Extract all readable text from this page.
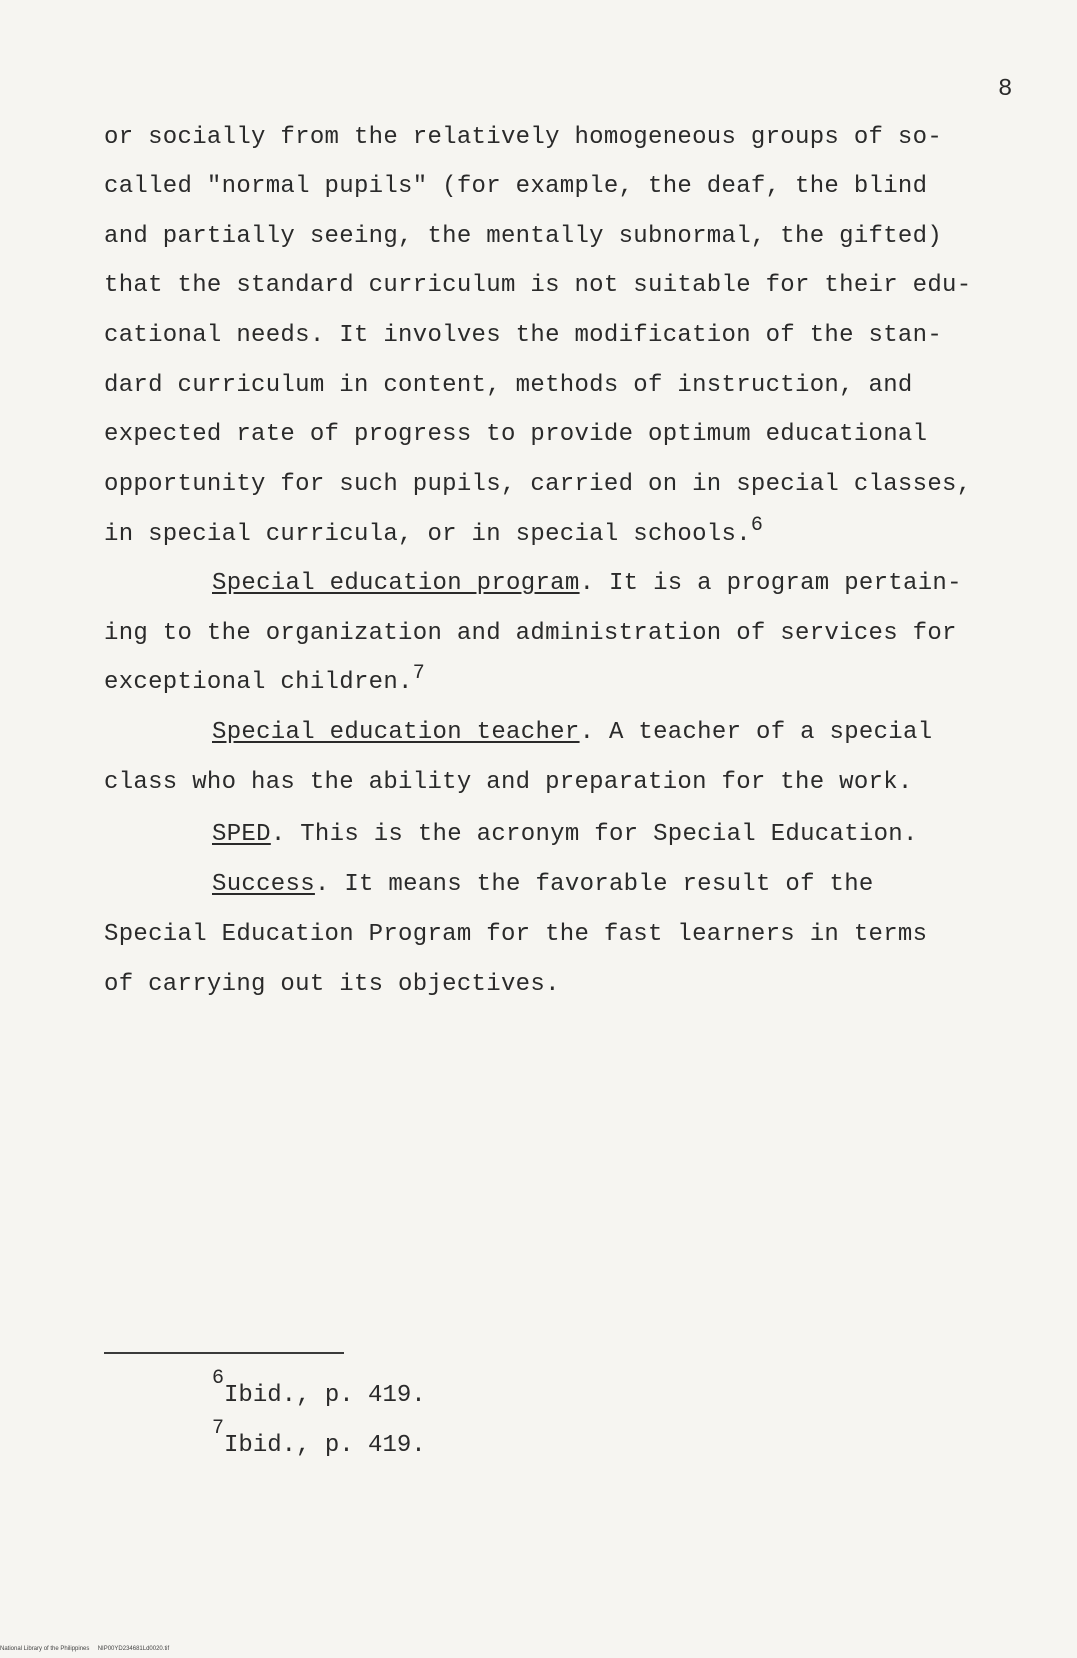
8
or socially from the relatively homogeneous groups of so-
called "normal pupils" (for example, the deaf, the blind
and partially seeing, the mentally subnormal, the gifted)
that the standard curriculum is not suitable for their edu-
cational needs. It involves the modification of the stan-
dard curriculum in content, methods of instruction, and
expected rate of progress to provide optimum educational
opportunity for such pupils, carried on in special classes,
in special curricula, or in special schools.$^6$
Special education program. It is a program pertain-
ing to the organization and administration of services for
exceptional children.$^7$
Special education teacher. A teacher of a special
class who has the ability and preparation for the work.
SPED. This is the acronym for Special Education.
Success. It means the favorable result of the
Special Education Program for the fast learners in terms
of carrying out its objectives.
$^6$Ibid., p. 419.
$^7$Ibid., p. 419.
National Library of the Philippines     NIP00YD234681Ld0020.tif
